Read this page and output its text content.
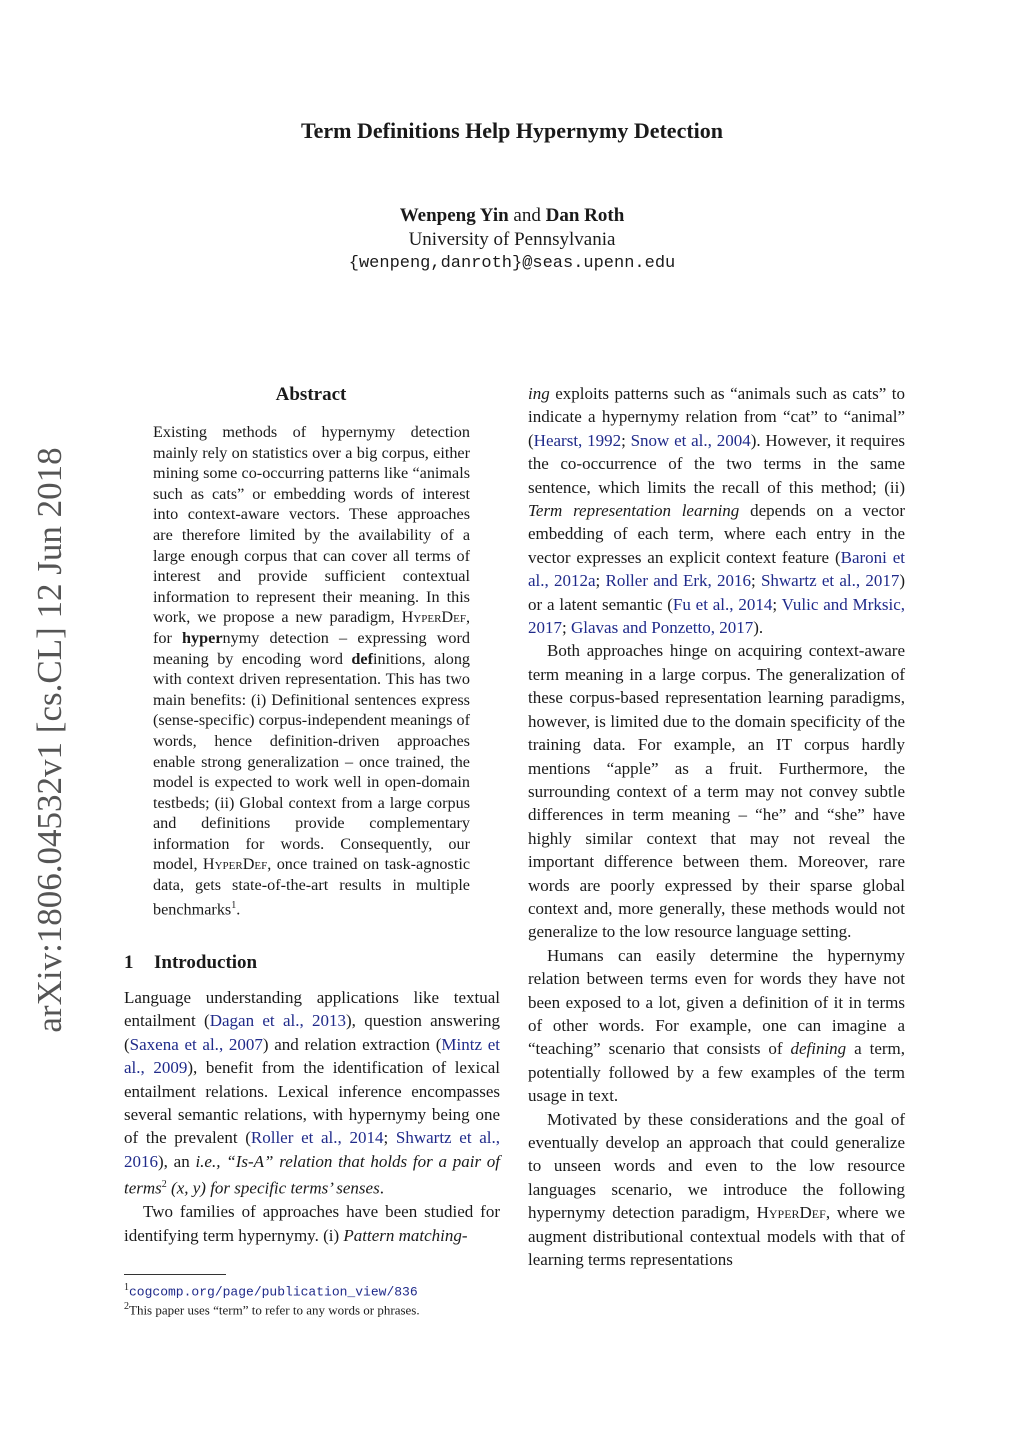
Term Definitions Help Hypernymy Detection
Wenpeng Yin and Dan Roth
University of Pennsylvania
{wenpeng,danroth}@seas.upenn.edu
arXiv:1806.04532v1 [cs.CL] 12 Jun 2018
Abstract
Existing methods of hypernymy detection mainly rely on statistics over a big corpus, either mining some co-occurring patterns like “animals such as cats” or embedding words of interest into context-aware vectors. These approaches are therefore limited by the availability of a large enough corpus that can cover all terms of interest and provide sufficient contextual information to represent their meaning. In this work, we propose a new paradigm, HyperDef, for hypernymy detection – expressing word meaning by encoding word definitions, along with context driven representation. This has two main benefits: (i) Definitional sentences express (sense-specific) corpus-independent meanings of words, hence definition-driven approaches enable strong generalization – once trained, the model is expected to work well in open-domain testbeds; (ii) Global context from a large corpus and definitions provide complementary information for words. Consequently, our model, HyperDef, once trained on task-agnostic data, gets state-of-the-art results in multiple benchmarks$^1$.
1 Introduction

Language understanding applications like textual entailment (Dagan et al., 2013), question answering (Saxena et al., 2007) and relation extraction (Mintz et al., 2009), benefit from the identification of lexical entailment relations. Lexical inference encompasses several semantic relations, with hypernymy being one of the prevalent (Roller et al., 2014; Shwartz et al., 2016), an i.e., “Is-A” relation that holds for a pair of terms$^2$ (x, y) for specific terms’ senses.

Two families of approaches have been studied for identifying term hypernymy. (i) Pattern matching-

ing exploits patterns such as “animals such as cats” to indicate a hypernymy relation from “cat” to “animal” (Hearst, 1992; Snow et al., 2004). However, it requires the co-occurrence of the two terms in the same sentence, which limits the recall of this method; (ii) Term representation learning depends on a vector embedding of each term, where each entry in the vector expresses an explicit context feature (Baroni et al., 2012a; Roller and Erk, 2016; Shwartz et al., 2017) or a latent semantic (Fu et al., 2014; Vulic and Mrksic, 2017; Glavas and Ponzetto, 2017).

Both approaches hinge on acquiring context-aware term meaning in a large corpus. The generalization of these corpus-based representation learning paradigms, however, is limited due to the domain specificity of the training data. For example, an IT corpus hardly mentions “apple” as a fruit. Furthermore, the surrounding context of a term may not convey subtle differences in term meaning – “he” and “she” have highly similar context that may not reveal the important difference between them. Moreover, rare words are poorly expressed by their sparse global context and, more generally, these methods would not generalize to the low resource language setting.

Humans can easily determine the hypernymy relation between terms even for words they have not been exposed to a lot, given a definition of it in terms of other words. For example, one can imagine a “teaching” scenario that consists of defining a term, potentially followed by a few examples of the term usage in text.

Motivated by these considerations and the goal of eventually develop an approach that could generalize to unseen words and even to the low resource languages scenario, we introduce the following hypernymy detection paradigm, HyperDef, where we augment distributional contextual models with that of learning terms representations

$^1$cogcomp.org/page/publication_view/836
$^2$This paper uses “term” to refer to any words or phrases.
